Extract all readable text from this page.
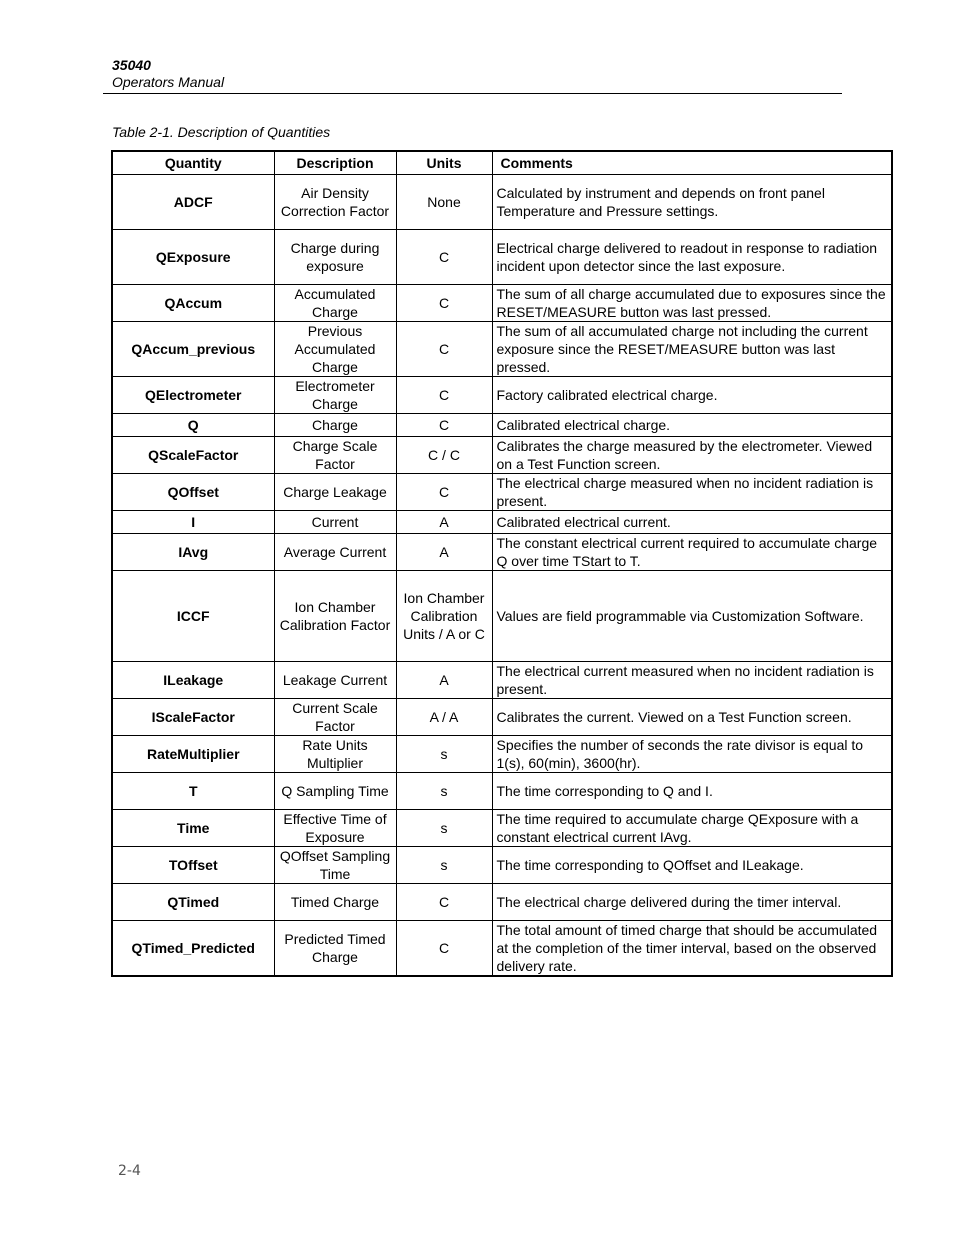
35040
Operators Manual
Table 2-1. Description of Quantities
Quantity	Description	Units	Comments
ADCF	Air Density Correction Factor	None	Calculated by instrument and depends on front panel Temperature and Pressure settings.
QExposure	Charge during exposure	C	Electrical charge delivered to readout in response to radiation incident upon detector since the last exposure.
QAccum	Accumulated Charge	C	The sum of all charge accumulated due to exposures since the RESET/MEASURE button was last pressed.
QAccum_previous	Previous Accumulated Charge	C	The sum of all accumulated charge not including the current exposure since the RESET/MEASURE button was last pressed.
QElectrometer	Electrometer Charge	C	Factory calibrated electrical charge.
Q	Charge	C	Calibrated electrical charge.
QScaleFactor	Charge Scale Factor	C / C	Calibrates the charge measured by the electrometer. Viewed on a Test Function screen.
QOffset	Charge Leakage	C	The electrical charge measured when no incident radiation is present.
I	Current	A	Calibrated electrical current.
IAvg	Average Current	A	The constant electrical current required to accumulate charge Q over time TStart to T.
ICCF	Ion Chamber Calibration Factor	Ion Chamber Calibration Units / A or C	Values are field programmable via Customization Software.
ILeakage	Leakage Current	A	The electrical current measured when no incident radiation is present.
IScaleFactor	Current Scale Factor	A / A	Calibrates the current. Viewed on a Test Function screen.
RateMultiplier	Rate Units Multiplier	s	Specifies the number of seconds the rate divisor is equal to 1(s), 60(min), 3600(hr).
T	Q Sampling Time	s	The time corresponding to Q and I.
Time	Effective Time of Exposure	s	The time required to accumulate charge QExposure with a constant electrical current IAvg.
TOffset	QOffset Sampling Time	s	The time corresponding to QOffset and ILeakage.
QTimed	Timed Charge	C	The electrical charge delivered during the timer interval.
QTimed_Predicted	Predicted Timed Charge	C	The total amount of timed charge that should be accumulated at the completion of the timer interval, based on the observed delivery rate.
2-4
